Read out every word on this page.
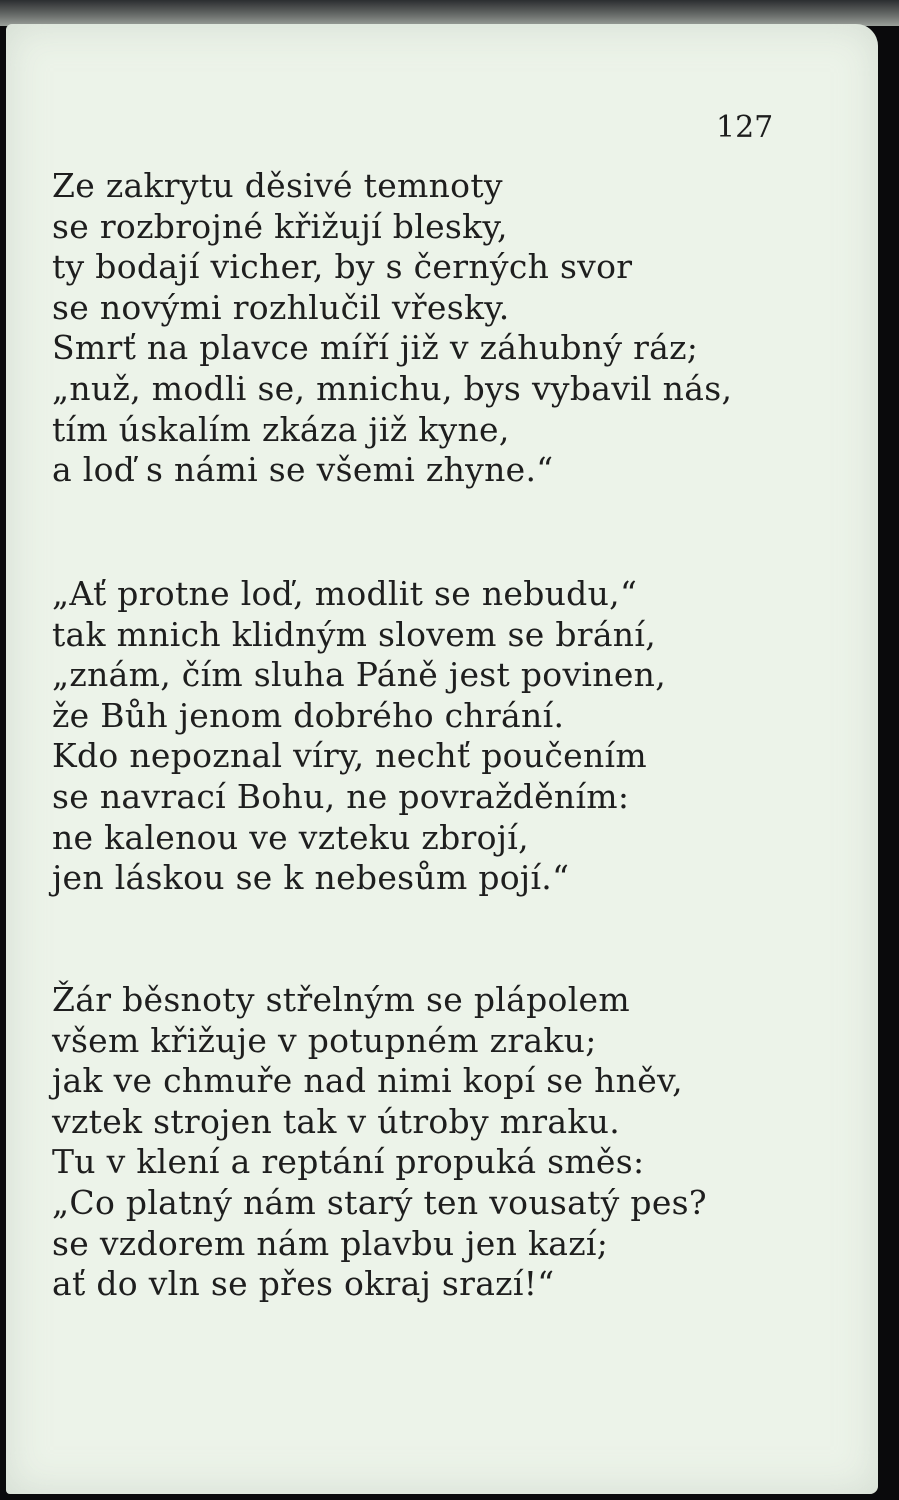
127
Ze zakrytu děsivé temnoty
se rozbrojné křižují blesky,
ty bodají vicher, by s černých svor
se novými rozhlučil vřesky.
Smrť na plavce míří již v záhubný ráz;
„nuž, modli se, mnichu, bys vybavil nás,
tím úskalím zkáza již kyne,
a loď s námi se všemi zhyne.“
„Ať protne loď, modlit se nebudu,“
tak mnich klidným slovem se brání,
„znám, čím sluha Páně jest povinen,
že Bůh jenom dobrého chrání.
Kdo nepoznal víry, nechť poučením
se navrací Bohu, ne povražděním:
ne kalenou ve vzteku zbrojí,
jen láskou se k nebesům pojí.“
Žár běsnoty střelným se plápolem
všem křižuje v potupném zraku;
jak ve chmuře nad nimi kopí se hněv,
vztek strojen tak v útroby mraku.
Tu v klení a reptání propuká směs:
„Co platný nám starý ten vousatý pes?
se vzdorem nám plavbu jen kazí;
ať do vln se přes okraj srazí!“
